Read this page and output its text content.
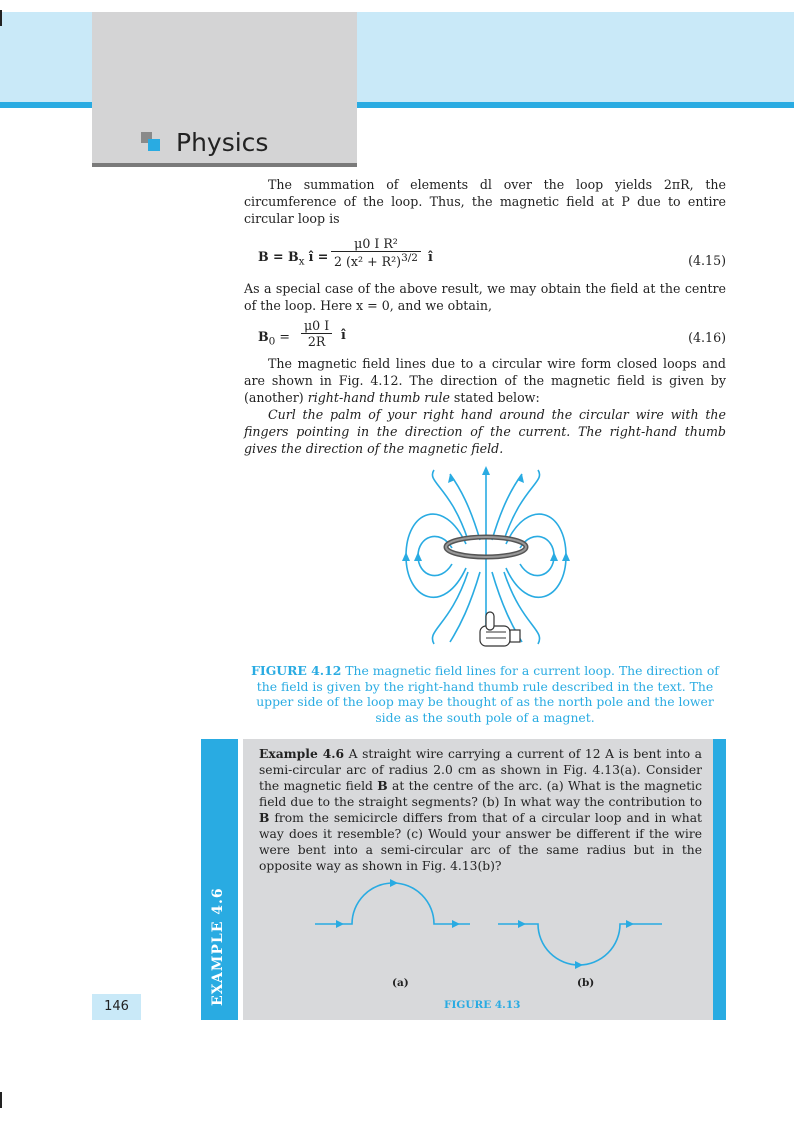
Physics
The summation of elements dl over the loop yields 2πR, the circumference of the loop. Thus, the magnetic field at P due to entire circular loop is
$B = B_x$ î = $\frac{\text{μ0 I R²}}{2 (x^2 + R^2)^{3/2}}$ î	(4.15)
As a special case of the above result, we may obtain the field at the centre of the loop. Here x = 0, and we obtain,
$B_0 = \frac{\mu 0 I}{2R}$ î	(4.16)
The magnetic field lines due to a circular wire form closed loops and are shown in Fig. 4.12. The direction of the magnetic field is given by (another) right-hand thumb rule stated below:
Curl the palm of your right hand around the circular wire with the fingers pointing in the direction of the current. The right-hand thumb gives the direction of the magnetic field.
FIGURE 4.12 The magnetic field lines for a current loop. The direction of the field is given by the right-hand thumb rule described in the text. The upper side of the loop may be thought of as the north pole and the lower side as the south pole of a magnet.
EXAMPLE 4.6
Example 4.6 A straight wire carrying a current of 12 A is bent into a semi-circular arc of radius 2.0 cm as shown in Fig. 4.13(a). Consider the magnetic field B at the centre of the arc. (a) What is the magnetic field due to the straight segments? (b) In what way the contribution to B from the semicircle differs from that of a circular loop and in what way does it resemble? (c) Would your answer be different if the wire were bent into a semi-circular arc of the same radius but in the opposite way as shown in Fig. 4.13(b)?
(a)	(b)
FIGURE 4.13
146
